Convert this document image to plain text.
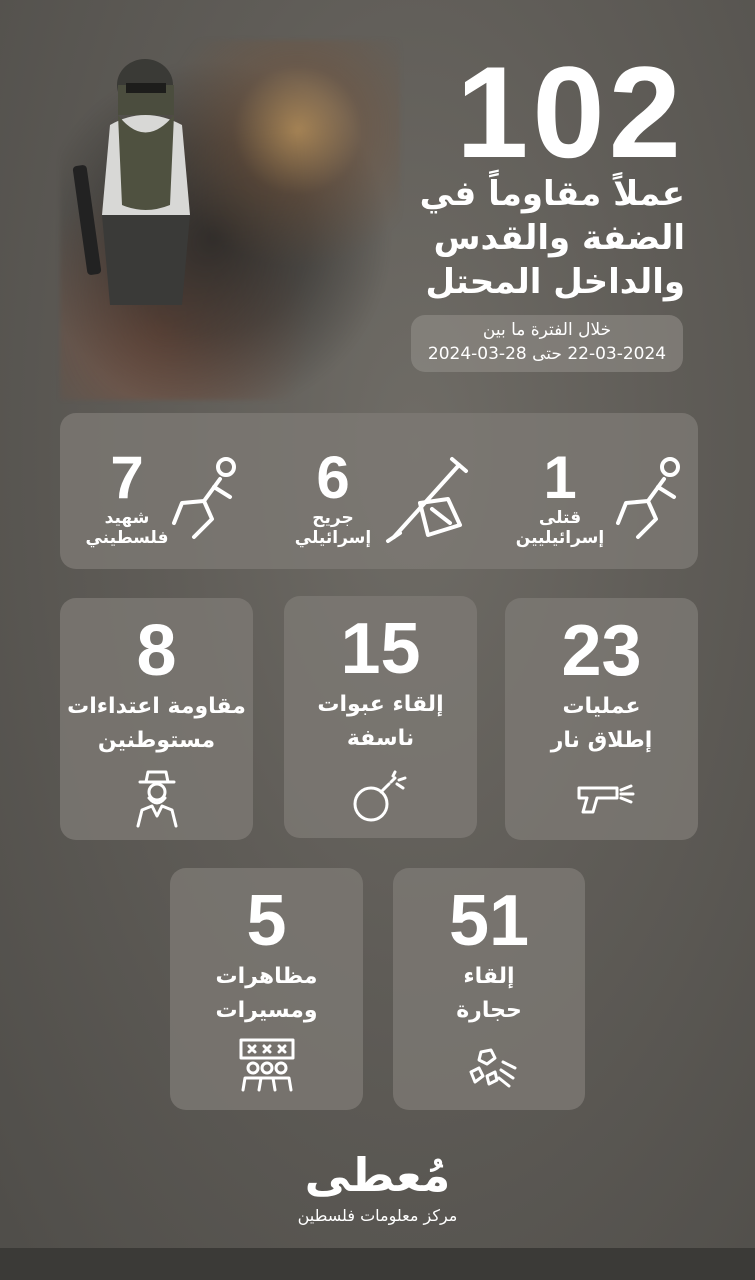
102
عملاً مقاوماً في
الضفة والقدس
والداخل المحتل
خلال الفترة ما بين
22-03-2024 حتى 28-03-2024
1
قتلى
إسرائيليين
6
جريح
إسرائيلي
7
شهيد
فلسطيني
23
عمليات
إطلاق نار
15
إلقاء عبوات
ناسفة
8
مقاومة اعتداءات
مستوطنين
51
إلقاء
حجارة
5
مظاهرات
ومسيرات
مُعطى
مركز معلومات فلسطين
